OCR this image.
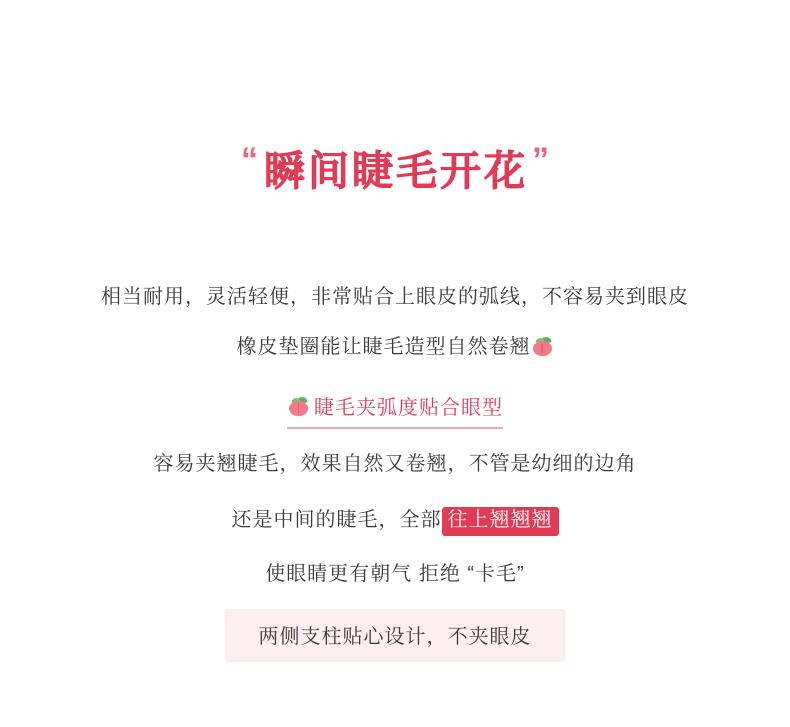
“ 瞬间睫毛开花 ”
相当耐用，灵活轻便，非常贴合上眼皮的弧线，不容易夹到眼皮
橡皮垫圈能让睫毛造型自然卷翘
睫毛夹弧度贴合眼型
容易夹翘睫毛，效果自然又卷翘，不管是幼细的边角
还是中间的睫毛，全部 往上翘翘翘
使眼睛更有朝气 拒绝 “卡毛”
两侧支柱贴心设计，不夹眼皮
